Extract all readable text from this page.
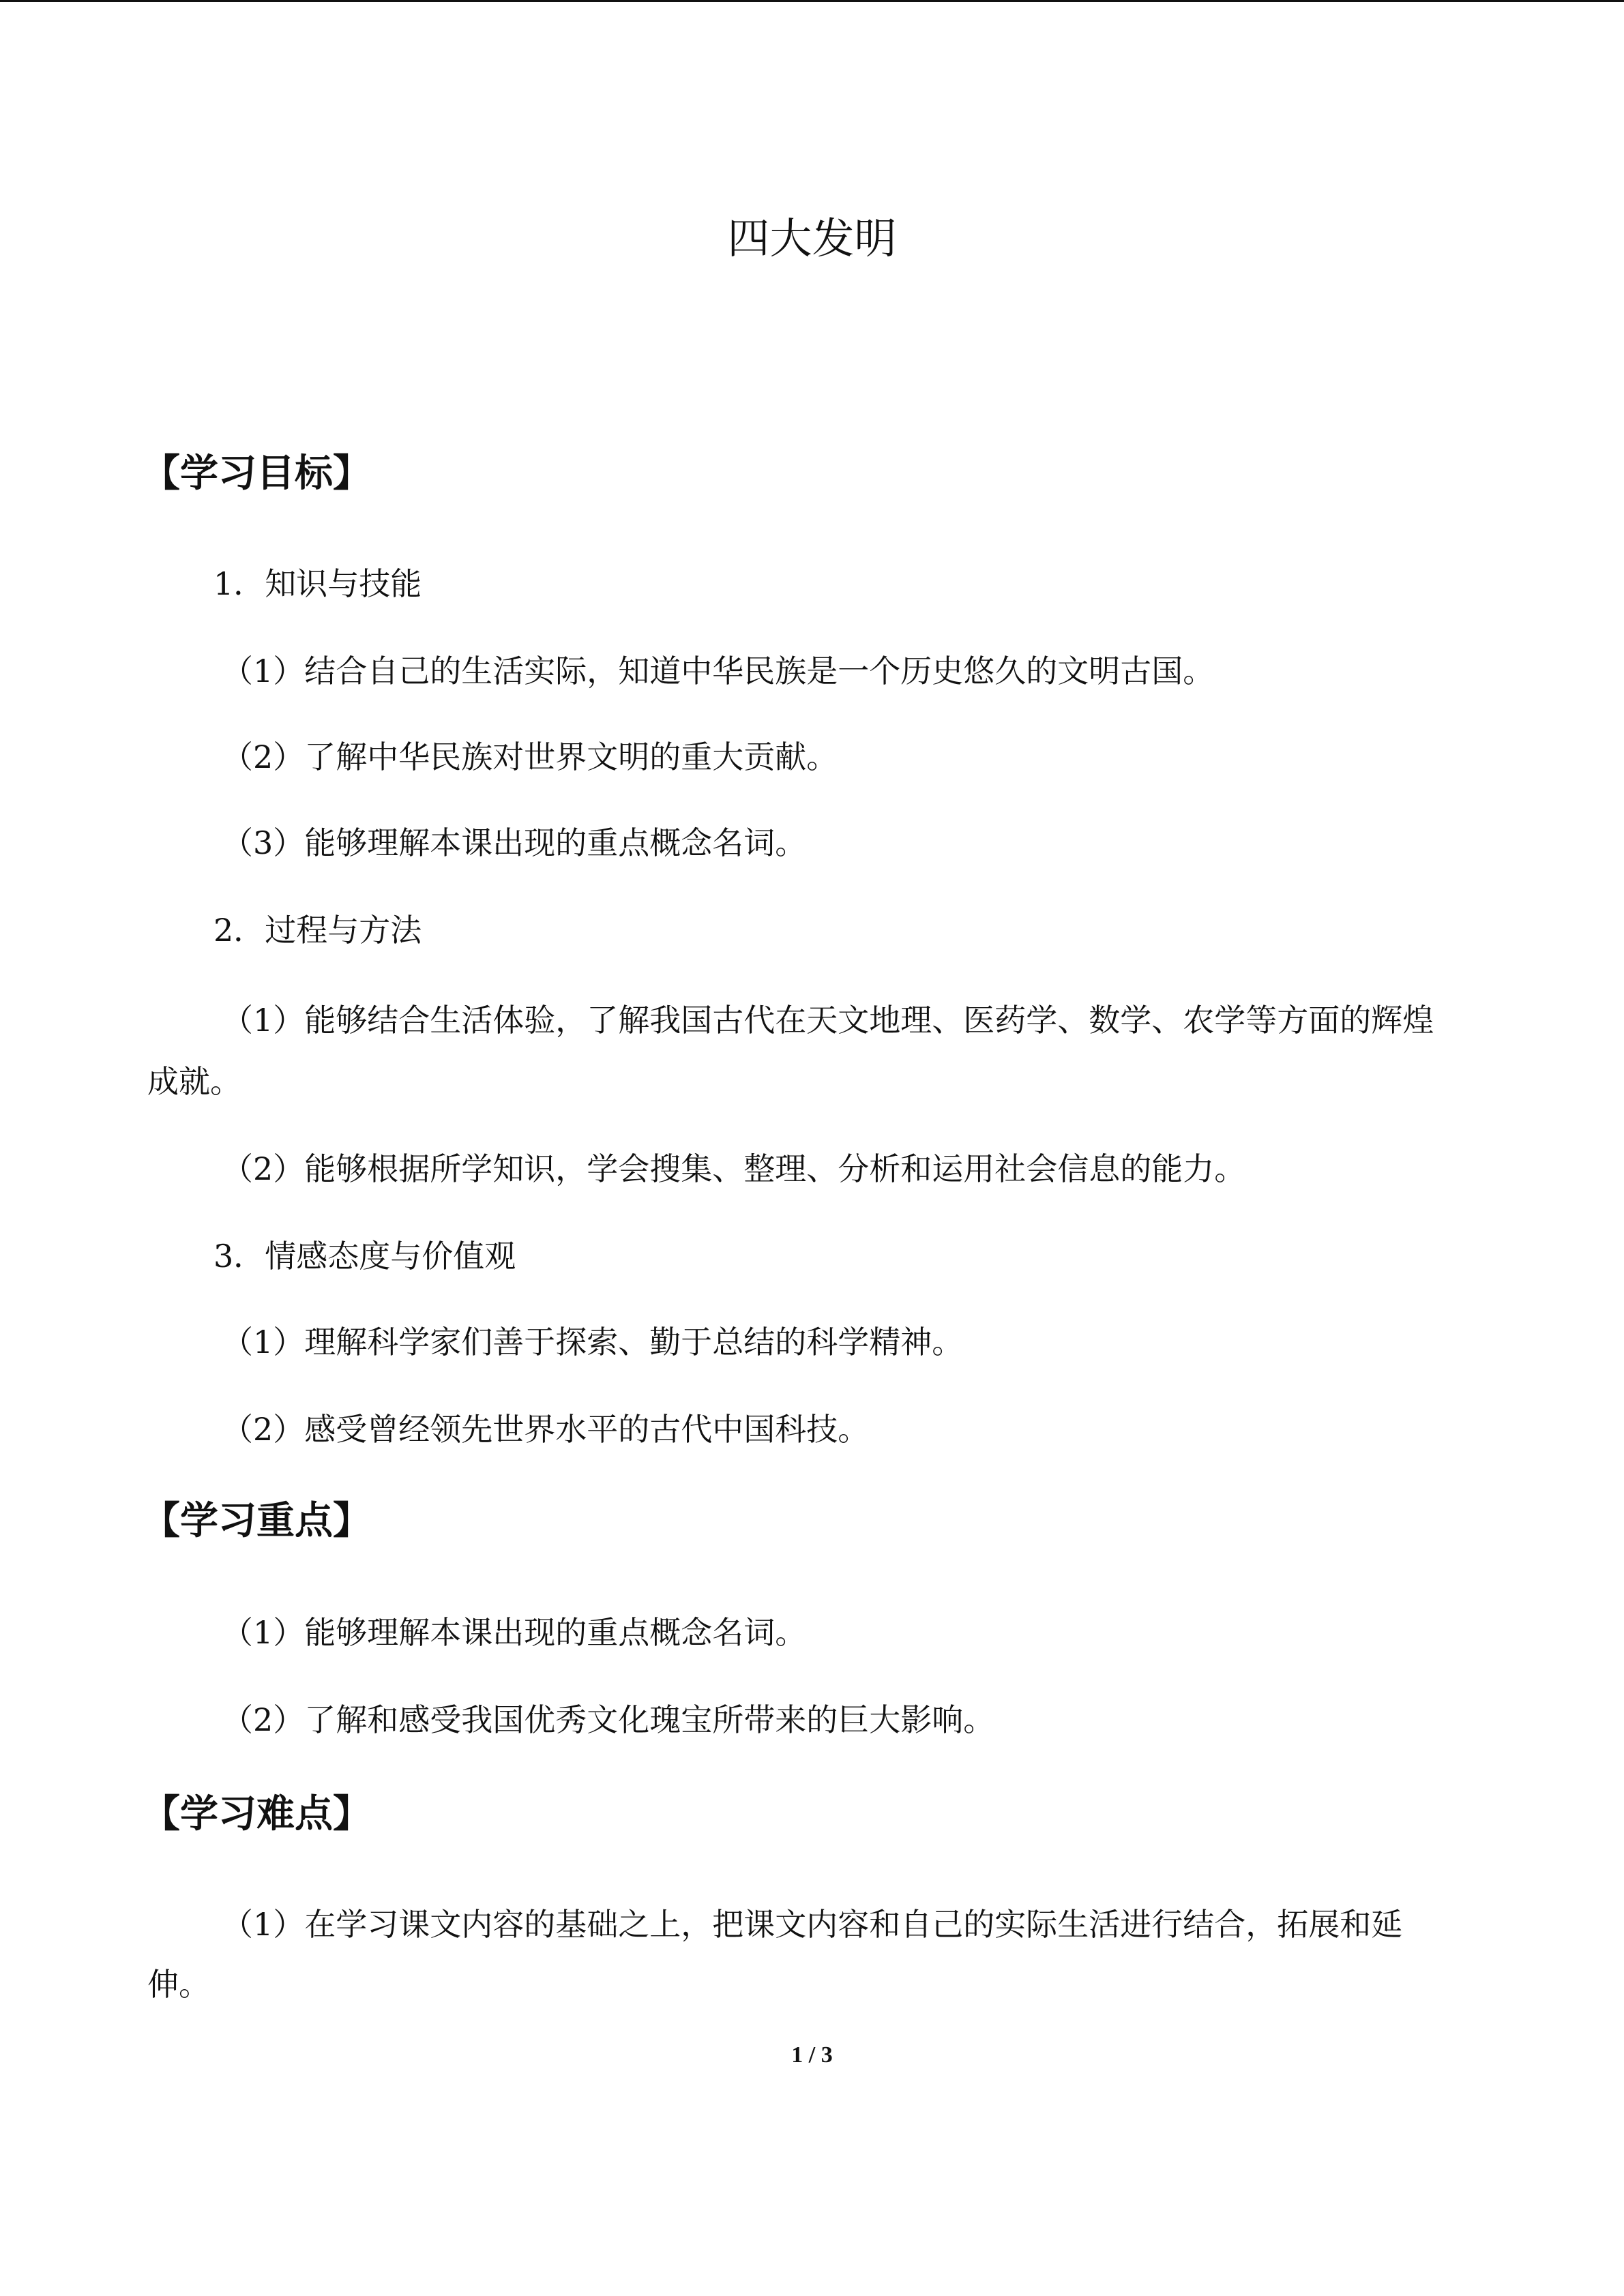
四大发明
【学习目标】
1．知识与技能
（1）结合自己的生活实际，知道中华民族是一个历史悠久的文明古国。
（2）了解中华民族对世界文明的重大贡献。
（3）能够理解本课出现的重点概念名词。
2．过程与方法
（1）能够结合生活体验，了解我国古代在天文地理、医药学、数学、农学等方面的辉煌
成就。
（2）能够根据所学知识，学会搜集、整理、分析和运用社会信息的能力。
3．情感态度与价值观
（1）理解科学家们善于探索、勤于总结的科学精神。
（2）感受曾经领先世界水平的古代中国科技。
【学习重点】
（1）能够理解本课出现的重点概念名词。
（2）了解和感受我国优秀文化瑰宝所带来的巨大影响。
【学习难点】
（1）在学习课文内容的基础之上，把课文内容和自己的实际生活进行结合，拓展和延
伸。
1 / 3
